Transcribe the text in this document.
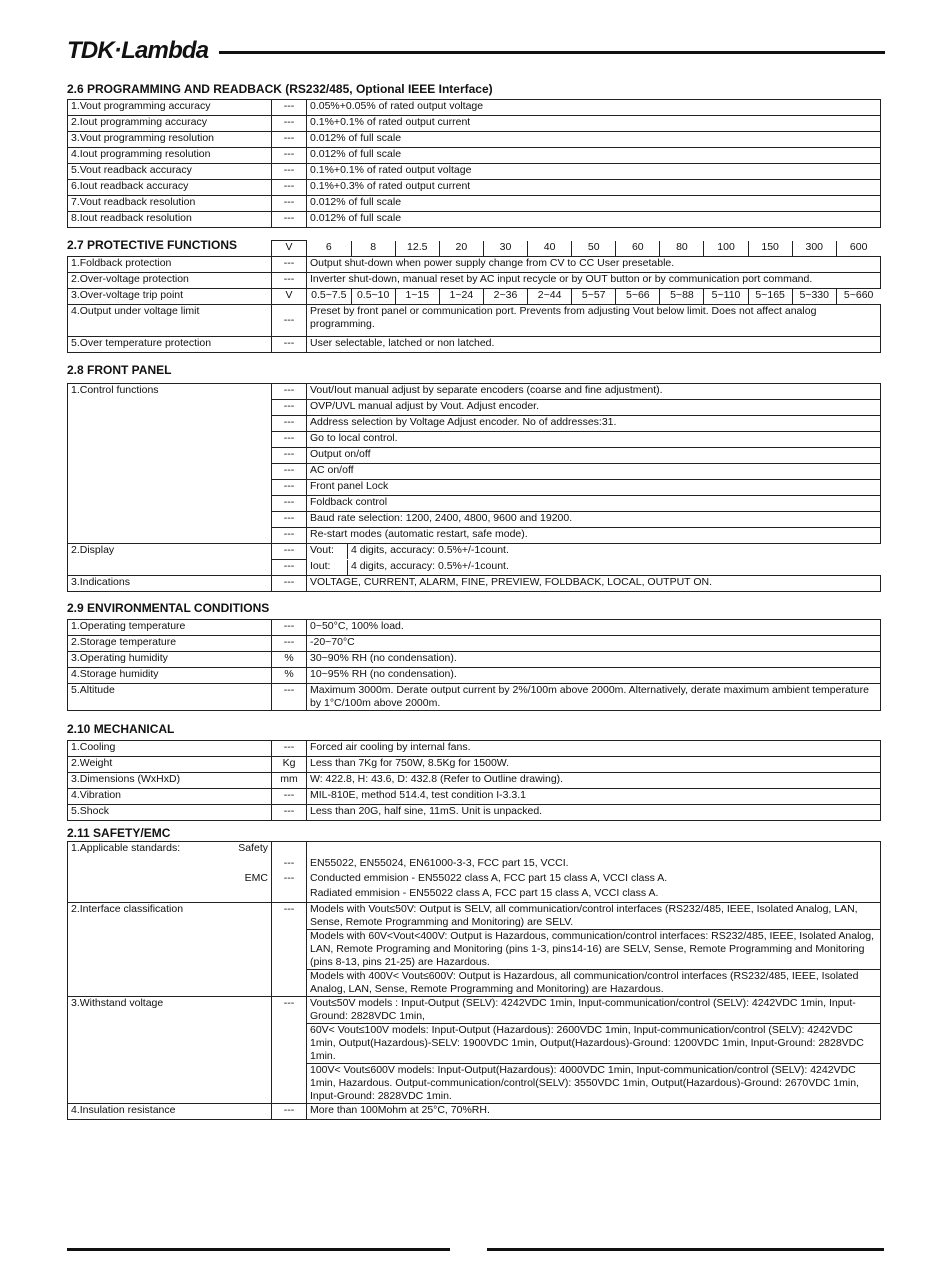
TDK·Lambda
2.6 PROGRAMMING AND READBACK (RS232/485, Optional IEEE Interface)
1.Vout programming accuracy	---	0.05%+0.05% of rated output voltage
2.Iout programming accuracy	---	0.1%+0.1% of rated output current
3.Vout programming resolution	---	0.012% of full scale
4.Iout programming resolution	---	0.012% of full scale
5.Vout readback accuracy	---	0.1%+0.1% of rated output voltage
6.Iout readback accuracy	---	0.1%+0.3% of rated output current
7.Vout readback resolution	---	0.012% of full scale
8.Iout readback resolution	---	0.012% of full scale
2.7 PROTECTIVE FUNCTIONS
		V		6	8	12.5	20	30	40	50	60	80	100	150	300	600

1.Foldback protection	---	Output shut-down when power supply change from CV to CC User presetable.
2.Over-voltage protection	---	Inverter shut-down, manual reset by AC input recycle or by OUT button or by communication port command.
3.Over-voltage trip point	V	0.5~7.5	0.5~10	1~15	1~24	2~36	2~44	5~57	5~66	5~88	5~110	5~165	5~330	5~660

4.Output under voltage limit	---	Preset by front panel or communication port. Prevents from adjusting Vout below limit. Does not affect analog programming.
5.Over temperature protection	---	User selectable, latched or non latched.
2.8 FRONT PANEL
1.Control functions	---	Vout/Iout manual adjust by separate encoders (coarse and fine adjustment).
	---	OVP/UVL manual adjust by Vout. Adjust encoder.
	---	Address selection by Voltage Adjust encoder. No of addresses:31.
	---	Go to local control.
	---	Output on/off
	---	AC on/off
	---	Front panel Lock
	---	Foldback control
	---	Baud rate selection: 1200, 2400, 4800, 9600 and 19200.
	---	Re-start modes (automatic restart, safe mode).
2.Display	---	Vout:	4 digits, accuracy: 0.5%+/-1count.

	---	Iout:	4 digits, accuracy: 0.5%+/-1count.

3.Indications	---	VOLTAGE, CURRENT, ALARM, FINE, PREVIEW, FOLDBACK, LOCAL, OUTPUT ON.
2.9 ENVIRONMENTAL CONDITIONS
1.Operating temperature	---	0~50°C, 100% load.
2.Storage temperature	---	-20~70°C
3.Operating humidity	%	30~90% RH (no condensation).
4.Storage humidity	%	10~95% RH (no condensation).
5.Altitude	---	Maximum 3000m. Derate output current by 2%/100m above 2000m. Alternatively, derate maximum ambient temperature by 1°C/100m above 2000m.
2.10 MECHANICAL
1.Cooling	---	Forced air cooling by internal fans.
2.Weight	Kg	Less than 7Kg for 750W, 8.5Kg for 1500W.
3.Dimensions (WxHxD)	mm	W: 422.8, H: 43.6, D: 432.8 (Refer to Outline drawing).
4.Vibration	---	MIL-810E, method 514.4, test condition I-3.3.1
5.Shock	---	Less than 20G, half sine, 11mS. Unit is unpacked.
2.11 SAFETY/EMC
1.Applicable standards: Safety		

	---	EN55022, EN55024, EN61000-3-3, FCC part 15, VCCI.

EMC	---	Conducted emmision - EN55022 class A, FCC part 15 class A, VCCI class A.
		Radiated emmision - EN55022 class A, FCC part 15 class A, VCCI class A.
2.Interface classification	---	Models with Vout≤50V: Output is SELV, all communication/control interfaces (RS232/485, IEEE, Isolated Analog, LAN, Sense, Remote Programming and Monitoring) are SELV.
		Models with 60V<Vout<400V: Output is Hazardous, communication/control interfaces: RS232/485, IEEE, Isolated Analog, LAN, Remote Programing and Monitoring (pins 1-3, pins14-16) are SELV, Sense, Remote Programming and Monitoring (pins 8-13, pins 21-25) are Hazardous.
		Models with 400V< Vout≤600V: Output is Hazardous, all communication/control interfaces (RS232/485, IEEE, Isolated Analog, LAN, Sense, Remote Programming and Monitoring) are Hazardous.
3.Withstand voltage	---	Vout≤50V models : Input-Output (SELV): 4242VDC 1min, Input-communication/control (SELV): 4242VDC 1min, Input-Ground: 2828VDC 1min,
		60V< Vout≤100V models: Input-Output (Hazardous): 2600VDC 1min, Input-communication/control (SELV): 4242VDC 1min, Output(Hazardous)-SELV: 1900VDC 1min, Output(Hazardous)-Ground: 1200VDC 1min, Input-Ground: 2828VDC 1min.
		100V< Vout≤600V models: Input-Output(Hazardous): 4000VDC 1min, Input-communication/control (SELV): 4242VDC 1min, Hazardous. Output-communication/control(SELV): 3550VDC 1min, Output(Hazardous)-Ground: 2670VDC 1min, Input-Ground: 2828VDC 1min.
4.Insulation resistance	---	More than 100Mohm at 25°C, 70%RH.
